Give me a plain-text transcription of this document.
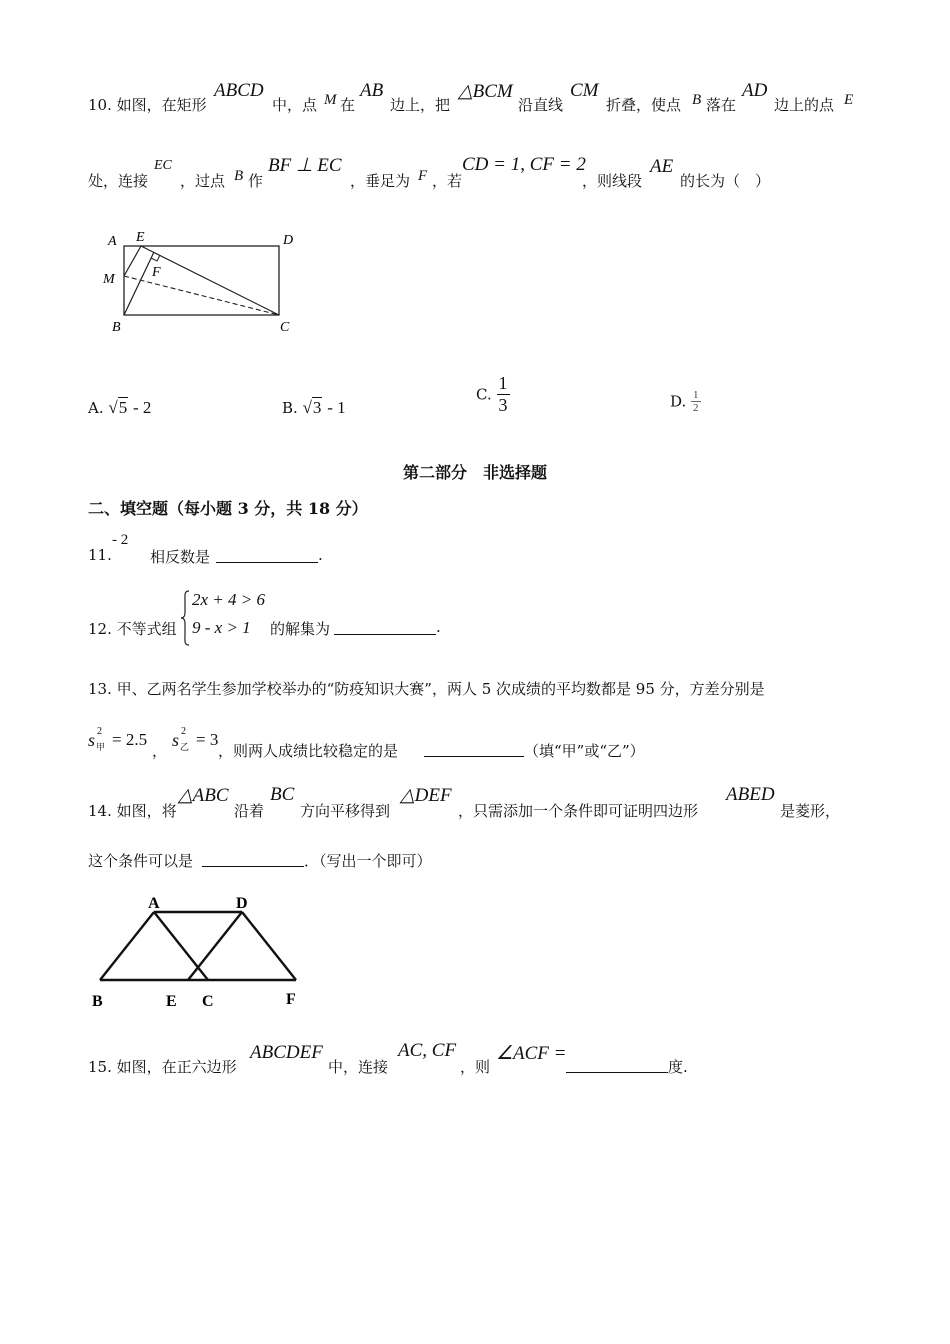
10. 如图，在矩形
ABCD
中，点 M 在
AB
边上，把
△BCM
沿直线
CM
折叠，使点 B 落在
AD
边上的点 E
处，连接
EC
，过点 B 作
BF ⊥ EC
，垂足为 F ，若
CD = 1, CF = 2
，则线段
AE
的长为（　）
A E	D
M	F
B	C
A. √5 - 2	B. √3 - 1
C. $\frac{1}{3}$	D. $\frac{1}{2}$
第二部分　非选择题
二、填空题（每小题 3 分，共 18 分）
11.
- 2
相反数是	.
12. 不等式组
2x + 4 > 6
9 - x > 1 的解集为	.
13. 甲、乙两名学生参加学校举办的“防疫知识大赛”，两人 5 次成绩的平均数都是 95 分，方差分别是
s 2
甲 = 2.5
，
s 2
乙 = 3
，则两人成绩比较稳定的是	（填“甲”或“乙”）
14. 如图，将
△ABC
沿着
BC
方向平移得到
△DEF
，只需添加一个条件即可证明四边形
ABED
是菱形，
这个条件可以是	．（写出一个即可）
A	D
B	E C	F
15. 如图，在正六边形
ABCDEF
中，连接
AC, CF
，则
∠ACF =
度.
